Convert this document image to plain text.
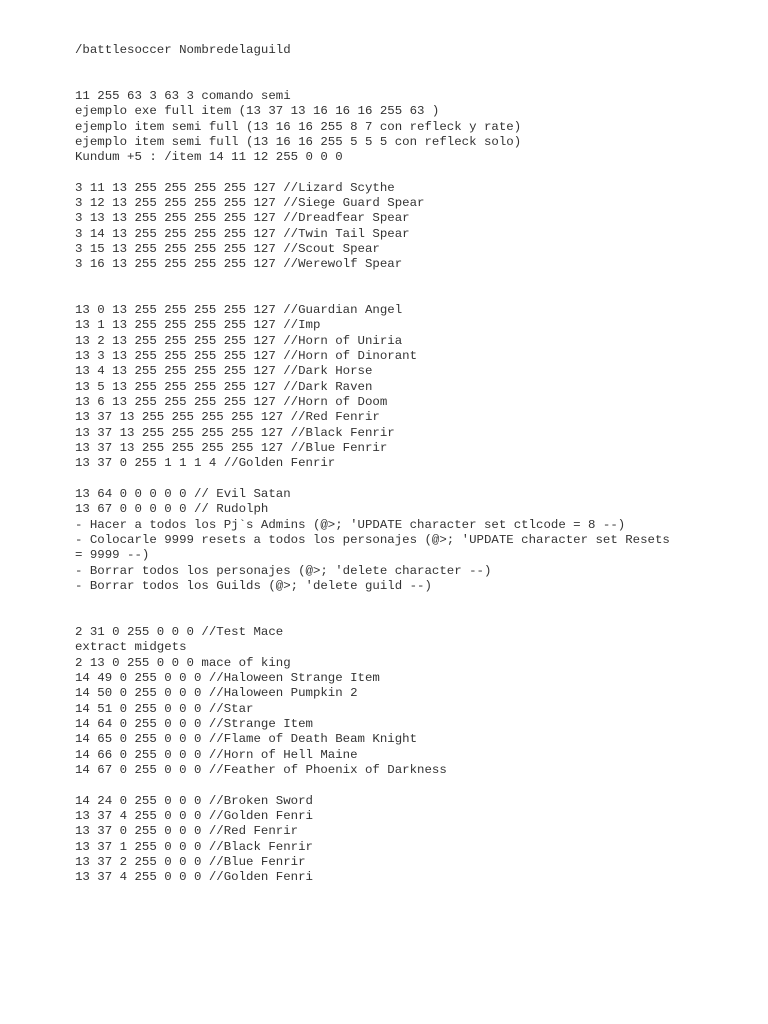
/battlesoccer Nombredelaguild
11 255 63 3 63 3 comando semi
ejemplo exe full item (13 37 13 16 16 16 255 63 )
ejemplo item semi full (13 16 16 255 8 7 con refleck y rate)
ejemplo item semi full (13 16 16 255 5 5 5 con refleck solo)
Kundum +5 : /item 14 11 12 255 0 0 0
3 11 13 255 255 255 255 127 //Lizard Scythe
3 12 13 255 255 255 255 127 //Siege Guard Spear
3 13 13 255 255 255 255 127 //Dreadfear Spear
3 14 13 255 255 255 255 127 //Twin Tail Spear
3 15 13 255 255 255 255 127 //Scout Spear
3 16 13 255 255 255 255 127 //Werewolf Spear
13 0 13 255 255 255 255 127 //Guardian Angel
13 1 13 255 255 255 255 127 //Imp
13 2 13 255 255 255 255 127 //Horn of Uniria
13 3 13 255 255 255 255 127 //Horn of Dinorant
13 4 13 255 255 255 255 127 //Dark Horse
13 5 13 255 255 255 255 127 //Dark Raven
13 6 13 255 255 255 255 127 //Horn of Doom
13 37 13 255 255 255 255 127 //Red Fenrir
13 37 13 255 255 255 255 127 //Black Fenrir
13 37 13 255 255 255 255 127 //Blue Fenrir
13 37 0 255 1 1 1 4 //Golden Fenrir
13 64 0 0 0 0 0 // Evil Satan
13 67 0 0 0 0 0 // Rudolph
- Hacer a todos los Pj`s Admins (@>; 'UPDATE character set ctlcode = 8 --)
- Colocarle 9999 resets a todos los personajes (@>; 'UPDATE character set Resets
= 9999 --)
- Borrar todos los personajes (@>; 'delete character --)
- Borrar todos los Guilds (@>; 'delete guild --)
2 31 0 255 0 0 0 //Test Mace
extract midgets
2 13 0 255 0 0 0 mace of king
14 49 0 255 0 0 0 //Haloween Strange Item
14 50 0 255 0 0 0 //Haloween Pumpkin 2
14 51 0 255 0 0 0 //Star
14 64 0 255 0 0 0 //Strange Item
14 65 0 255 0 0 0 //Flame of Death Beam Knight
14 66 0 255 0 0 0 //Horn of Hell Maine
14 67 0 255 0 0 0 //Feather of Phoenix of Darkness
14 24 0 255 0 0 0 //Broken Sword
13 37 4 255 0 0 0 //Golden Fenri
13 37 0 255 0 0 0 //Red Fenrir
13 37 1 255 0 0 0 //Black Fenrir
13 37 2 255 0 0 0 //Blue Fenrir
13 37 4 255 0 0 0 //Golden Fenri
